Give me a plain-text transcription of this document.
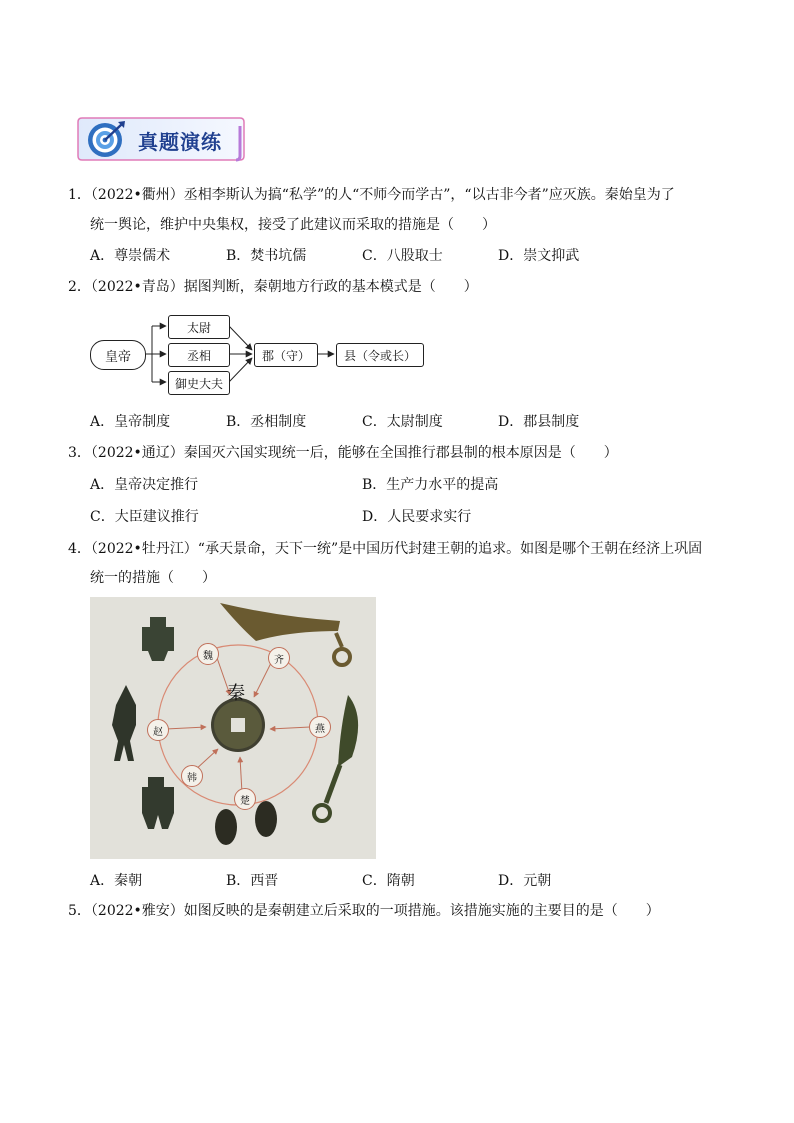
真题演练
1．（2022•衢州）丞相李斯认为搞“私学”的人“不师今而学古”，“以古非今者”应灭族。秦始皇为了
统一舆论，维护中央集权，接受了此建议而采取的措施是（　　）
A．尊崇儒术	B．焚书坑儒	C．八股取士	D．崇文抑武
2．（2022•青岛）据图判断，秦朝地方行政的基本模式是（　　）
皇帝
太尉
丞相
御史大夫
郡（守）	县（令或长）
A．皇帝制度	B．丞相制度	C．太尉制度	D．郡县制度
3．（2022•通辽）秦国灭六国实现统一后，能够在全国推行郡县制的根本原因是（　　）
A．皇帝决定推行	B．生产力水平的提高
C．大臣建议推行	D．人民要求实行
4．（2022•牡丹江）“承天景命，天下一统”是中国历代封建王朝的追求。如图是哪个王朝在经济上巩固
统一的措施（　　）
秦
魏	齐
赵	燕
韩
楚
A．秦朝	B．西晋	C．隋朝	D．元朝
5．（2022•雅安）如图反映的是秦朝建立后采取的一项措施。该措施实施的主要目的是（　　）
